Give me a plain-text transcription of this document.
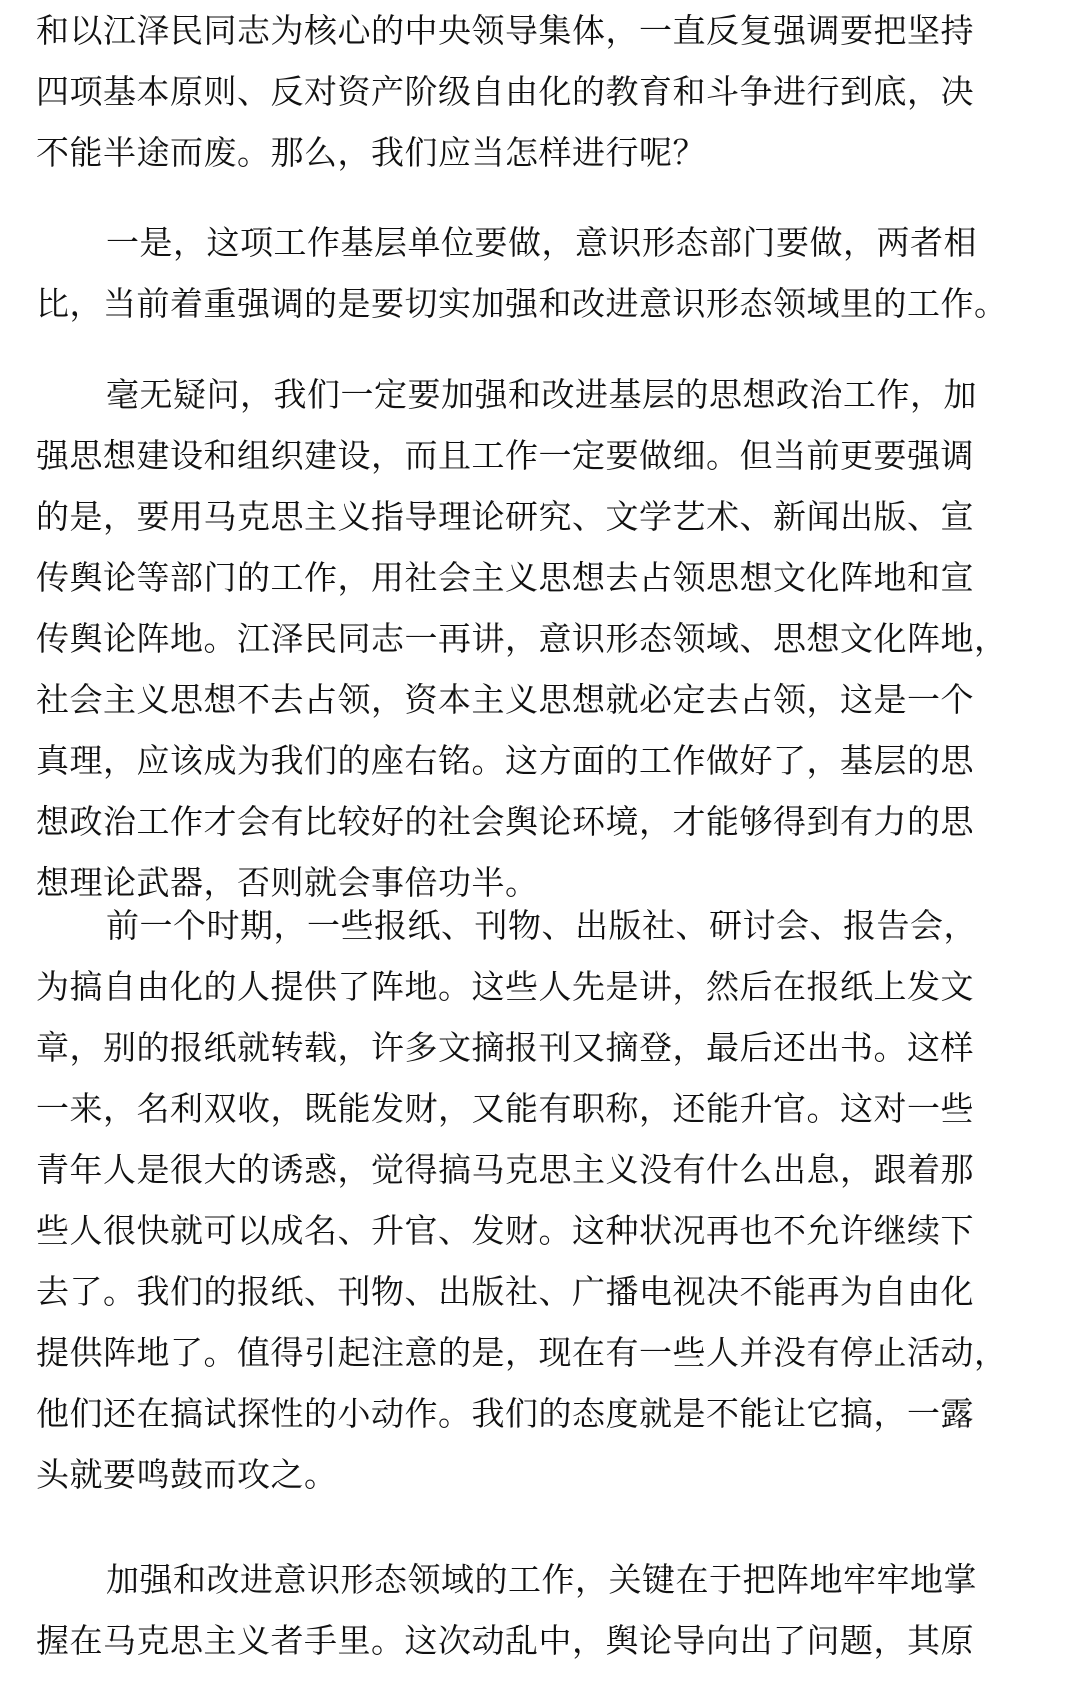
和以江泽民同志为核心的中央领导集体，一直反复强调要把坚持
四项基本原则、反对资产阶级自由化的教育和斗争进行到底，决
不能半途而废。那么，我们应当怎样进行呢？
一是，这项工作基层单位要做，意识形态部门要做，两者相
比，当前着重强调的是要切实加强和改进意识形态领域里的工作。
毫无疑问，我们一定要加强和改进基层的思想政治工作，加
强思想建设和组织建设，而且工作一定要做细。但当前更要强调
的是，要用马克思主义指导理论研究、文学艺术、新闻出版、宣
传舆论等部门的工作，用社会主义思想去占领思想文化阵地和宣
传舆论阵地。江泽民同志一再讲，意识形态领域、思想文化阵地，
社会主义思想不去占领，资本主义思想就必定去占领，这是一个
真理，应该成为我们的座右铭。这方面的工作做好了，基层的思
想政治工作才会有比较好的社会舆论环境，才能够得到有力的思
想理论武器，否则就会事倍功半。
前一个时期，一些报纸、刊物、出版社、研讨会、报告会，
为搞自由化的人提供了阵地。这些人先是讲，然后在报纸上发文
章，别的报纸就转载，许多文摘报刊又摘登，最后还出书。这样
一来，名利双收，既能发财，又能有职称，还能升官。这对一些
青年人是很大的诱惑，觉得搞马克思主义没有什么出息，跟着那
些人很快就可以成名、升官、发财。这种状况再也不允许继续下
去了。我们的报纸、刊物、出版社、广播电视决不能再为自由化
提供阵地了。值得引起注意的是，现在有一些人并没有停止活动，
他们还在搞试探性的小动作。我们的态度就是不能让它搞，一露
头就要鸣鼓而攻之。
加强和改进意识形态领域的工作，关键在于把阵地牢牢地掌
握在马克思主义者手里。这次动乱中，舆论导向出了问题，其原
